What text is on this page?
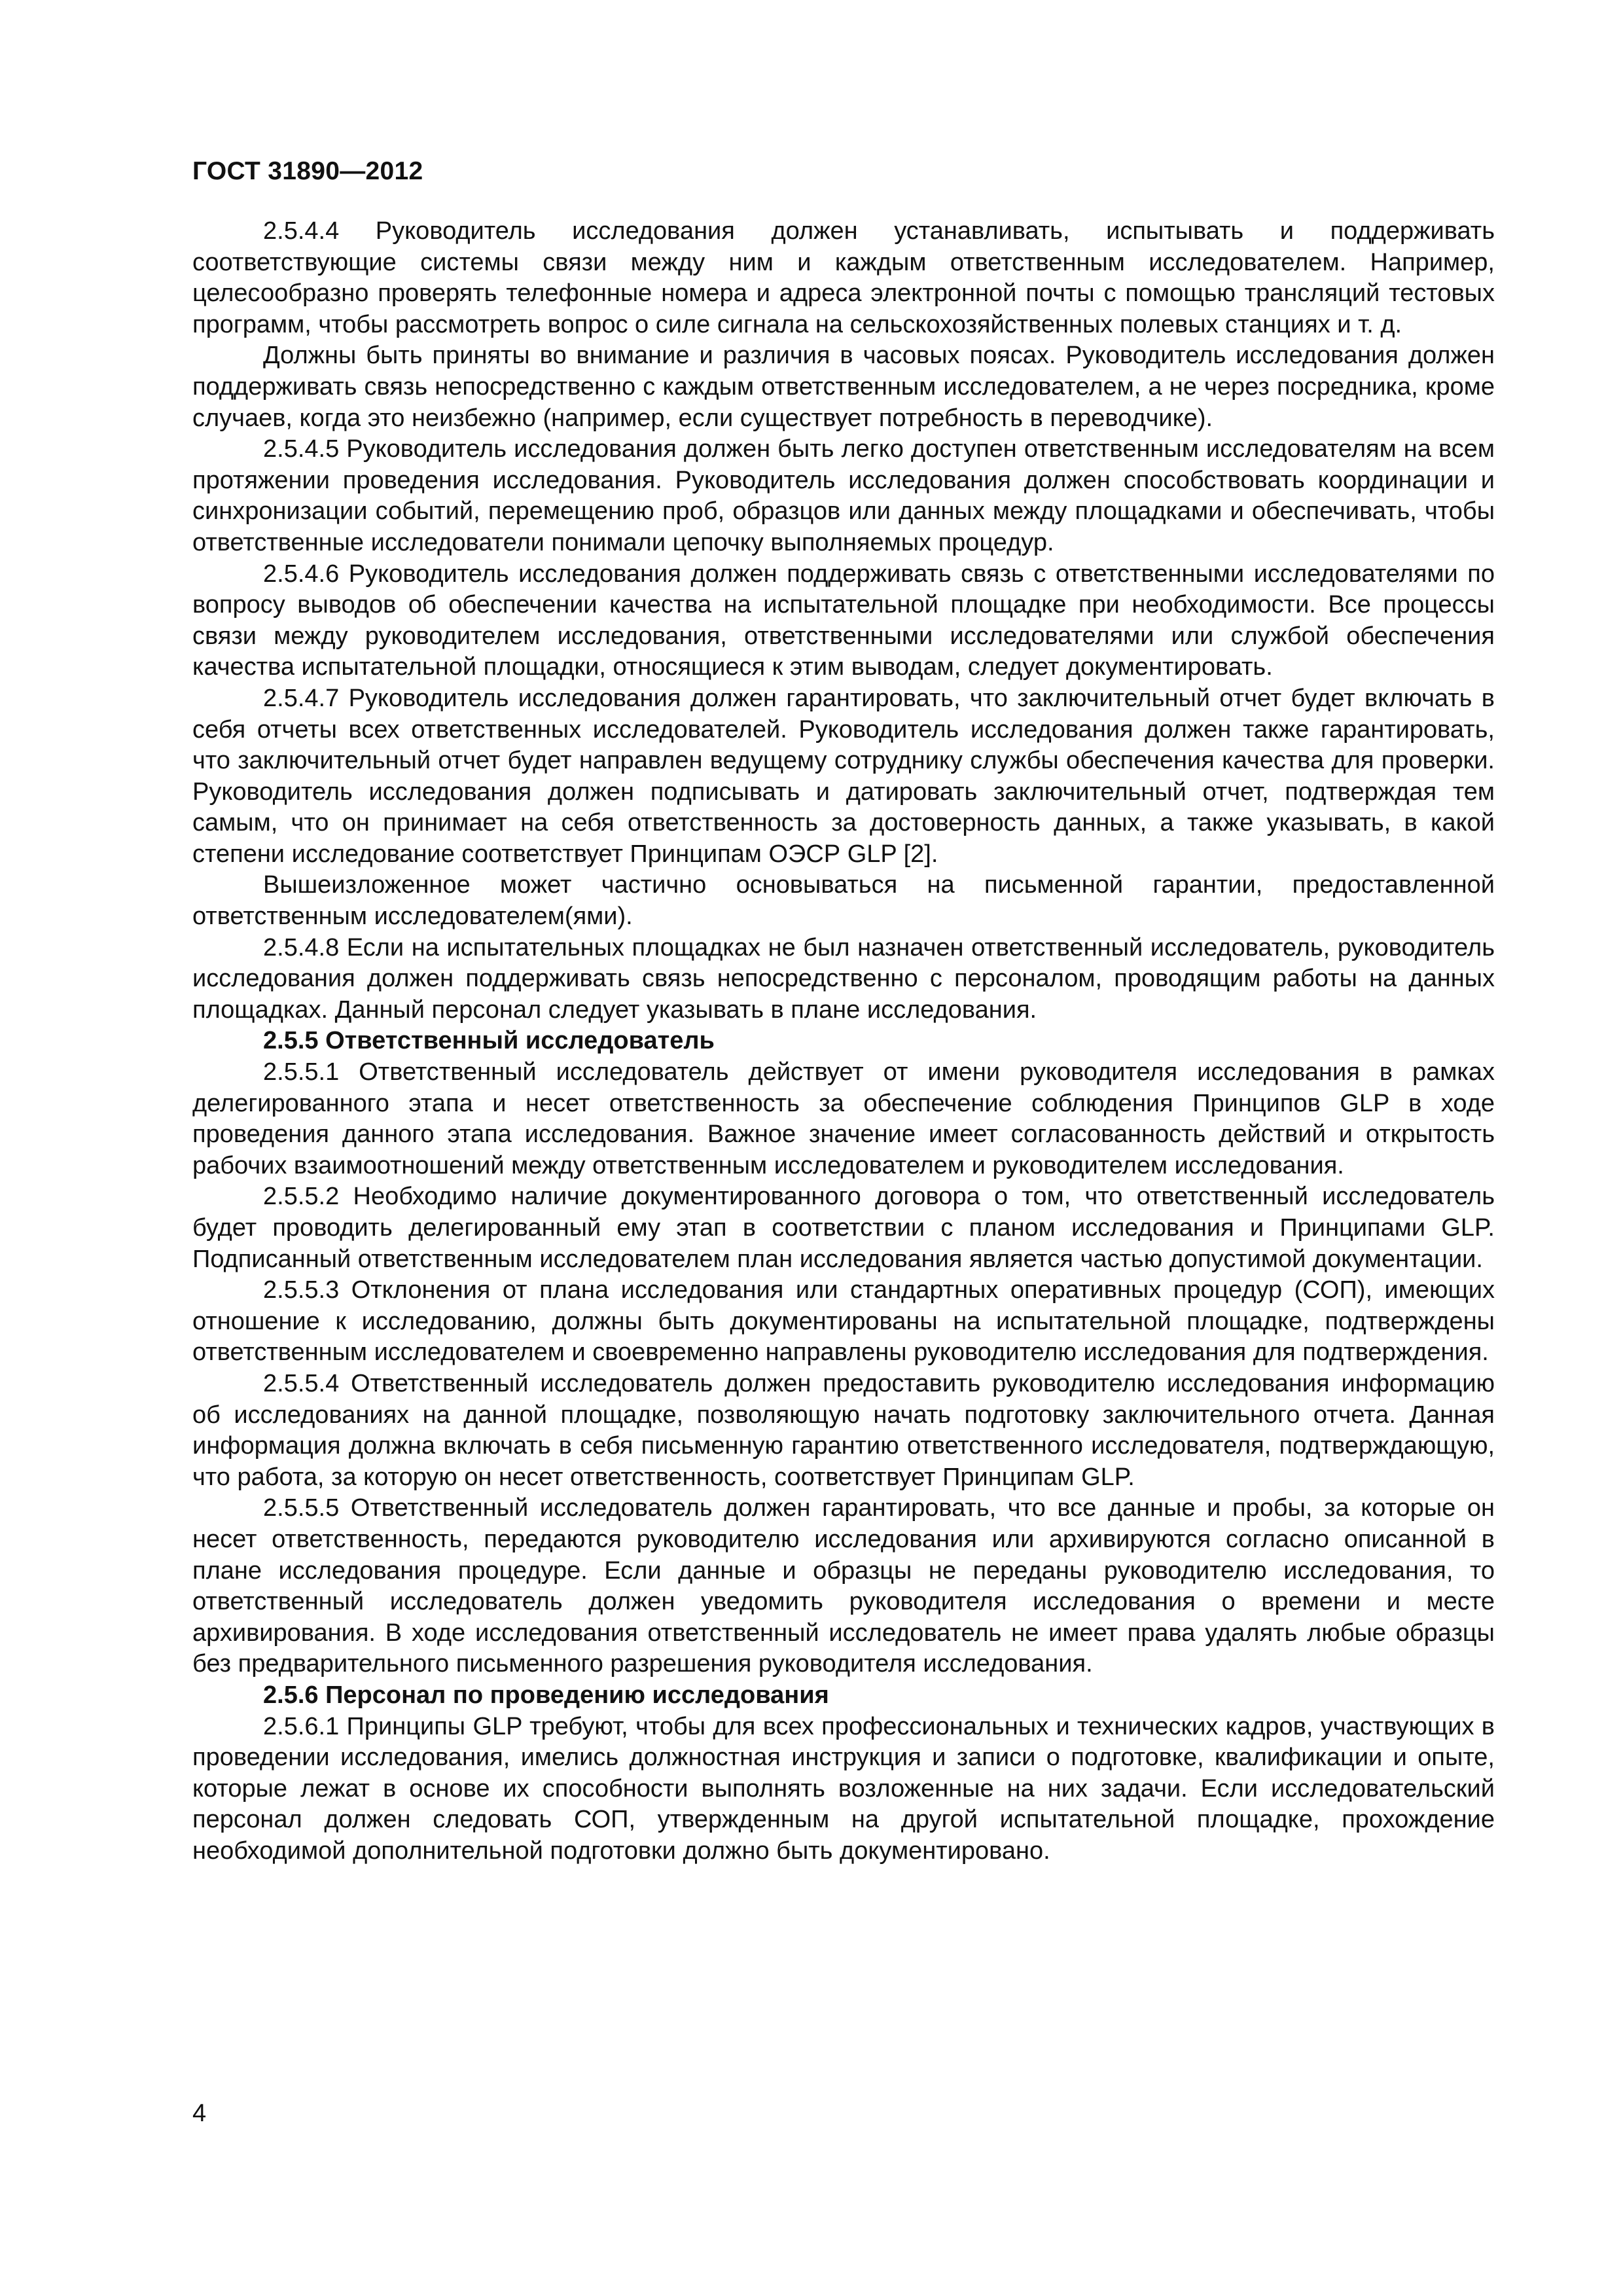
ГОСТ 31890—2012

2.5.4.4 Руководитель исследования должен устанавливать, испытывать и поддерживать соответствующие системы связи между ним и каждым ответственным исследователем. Например, целесообразно проверять телефонные номера и адреса электронной почты с помощью трансляций тестовых программ, чтобы рассмотреть вопрос о силе сигнала на сельскохозяйственных полевых станциях и т. д.

Должны быть приняты во внимание и различия в часовых поясах. Руководитель исследования должен поддерживать связь непосредственно с каждым ответственным исследователем, а не через посредника, кроме случаев, когда это неизбежно (например, если существует потребность в переводчике).

2.5.4.5 Руководитель исследования должен быть легко доступен ответственным исследователям на всем протяжении проведения исследования. Руководитель исследования должен способствовать координации и синхронизации событий, перемещению проб, образцов или данных между площадками и обеспечивать, чтобы ответственные исследователи понимали цепочку выполняемых процедур.

2.5.4.6 Руководитель исследования должен поддерживать связь с ответственными исследователями по вопросу выводов об обеспечении качества на испытательной площадке при необходимости. Все процессы связи между руководителем исследования, ответственными исследователями или службой обеспечения качества испытательной площадки, относящиеся к этим выводам, следует документировать.

2.5.4.7 Руководитель исследования должен гарантировать, что заключительный отчет будет включать в себя отчеты всех ответственных исследователей. Руководитель исследования должен также гарантировать, что заключительный отчет будет направлен ведущему сотруднику службы обеспечения качества для проверки. Руководитель исследования должен подписывать и датировать заключительный отчет, подтверждая тем самым, что он принимает на себя ответственность за достоверность данных, а также указывать, в какой степени исследование соответствует Принципам ОЭСР GLP [2].

Вышеизложенное может частично основываться на письменной гарантии, предоставленной ответственным исследователем(ями).

2.5.4.8 Если на испытательных площадках не был назначен ответственный исследователь, руководитель исследования должен поддерживать связь непосредственно с персоналом, проводящим работы на данных площадках. Данный персонал следует указывать в плане исследования.

2.5.5 Ответственный исследователь

2.5.5.1 Ответственный исследователь действует от имени руководителя исследования в рамках делегированного этапа и несет ответственность за обеспечение соблюдения Принципов GLP в ходе проведения данного этапа исследования. Важное значение имеет согласованность действий и открытость рабочих взаимоотношений между ответственным исследователем и руководителем исследования.

2.5.5.2 Необходимо наличие документированного договора о том, что ответственный исследователь будет проводить делегированный ему этап в соответствии с планом исследования и Принципами GLP. Подписанный ответственным исследователем план исследования является частью допустимой документации.

2.5.5.3 Отклонения от плана исследования или стандартных оперативных процедур (СОП), имеющих отношение к исследованию, должны быть документированы на испытательной площадке, подтверждены ответственным исследователем и своевременно направлены руководителю исследования для подтверждения.

2.5.5.4 Ответственный исследователь должен предоставить руководителю исследования информацию об исследованиях на данной площадке, позволяющую начать подготовку заключительного отчета. Данная информация должна включать в себя письменную гарантию ответственного исследователя, подтверждающую, что работа, за которую он несет ответственность, соответствует Принципам GLP.

2.5.5.5 Ответственный исследователь должен гарантировать, что все данные и пробы, за которые он несет ответственность, передаются руководителю исследования или архивируются согласно описанной в плане исследования процедуре. Если данные и образцы не переданы руководителю исследования, то ответственный исследователь должен уведомить руководителя исследования о времени и месте архивирования. В ходе исследования ответственный исследователь не имеет права удалять любые образцы без предварительного письменного разрешения руководителя исследования.

2.5.6 Персонал по проведению исследования

2.5.6.1 Принципы GLP требуют, чтобы для всех профессиональных и технических кадров, участвующих в проведении исследования, имелись должностная инструкция и записи о подготовке, квалификации и опыте, которые лежат в основе их способности выполнять возложенные на них задачи. Если исследовательский персонал должен следовать СОП, утвержденным на другой испытательной площадке, прохождение необходимой дополнительной подготовки должно быть документировано.

4
